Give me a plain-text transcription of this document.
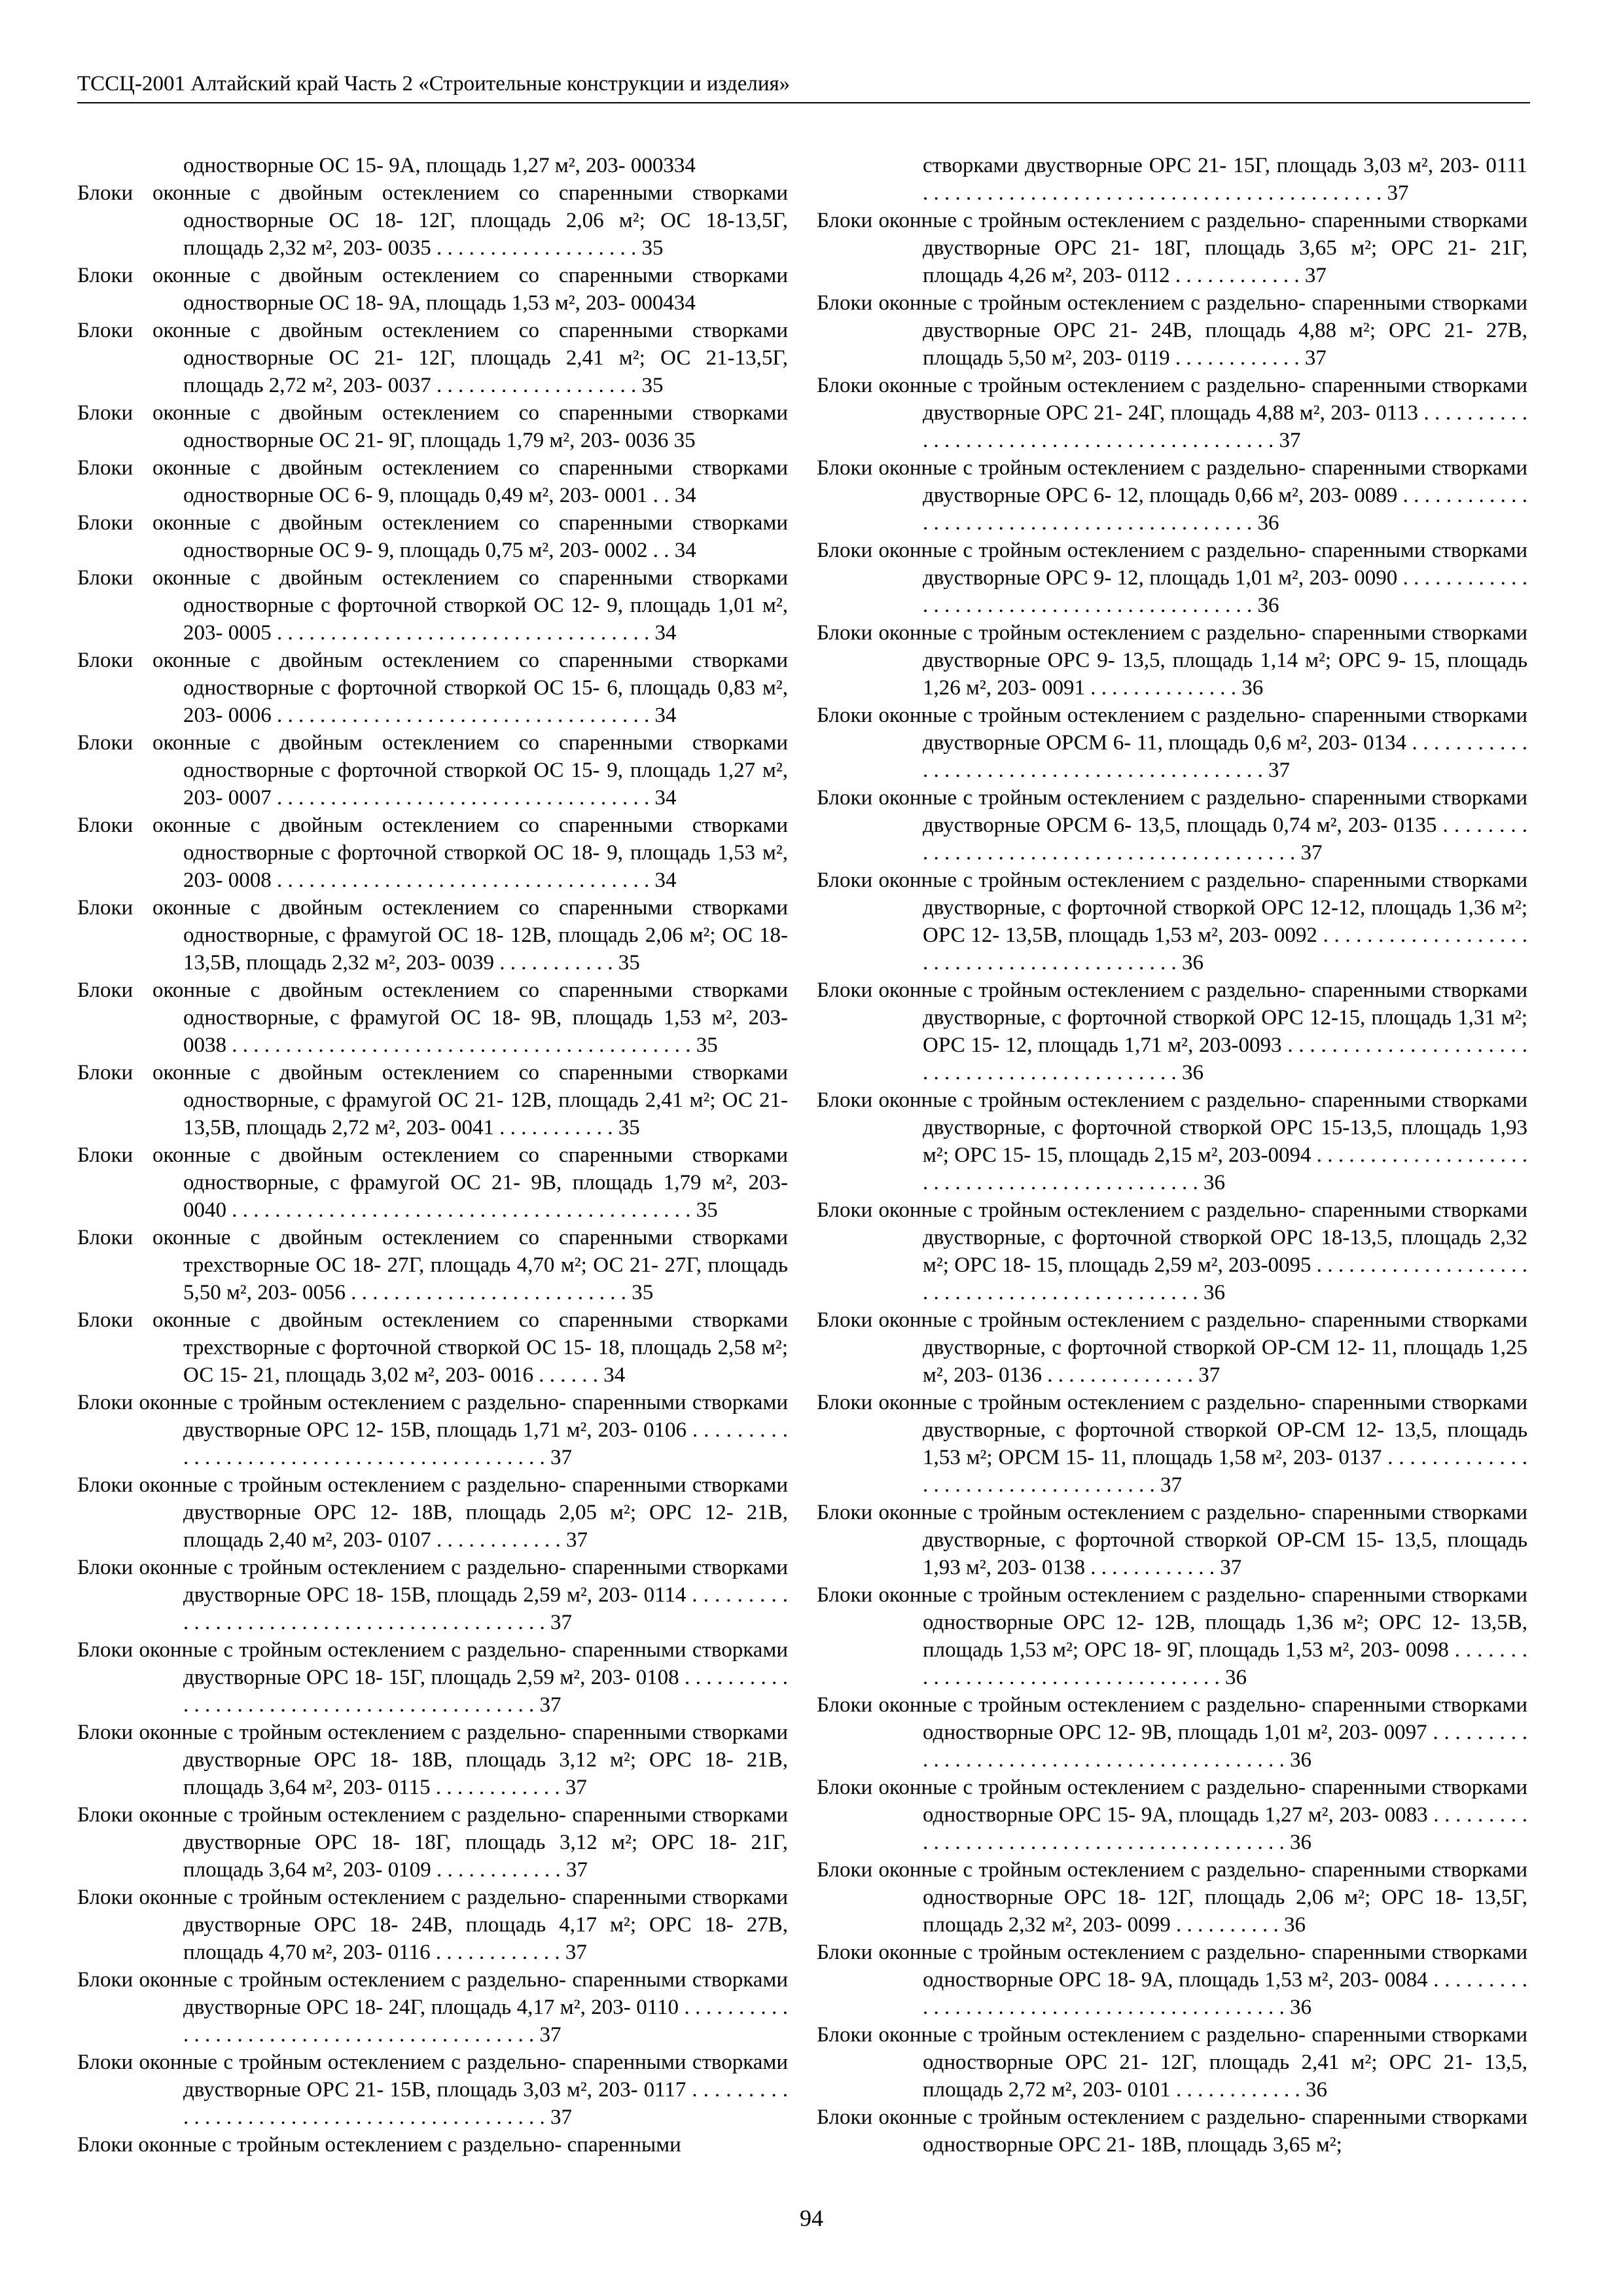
ТССЦ-2001 Алтайский край Часть 2 «Строительные конструкции и изделия»
одностворные ОС 15- 9А, площадь 1,27 м², 203- 000334
Блоки оконные с двойным остеклением со спаренными створками одностворные ОС 18- 12Г, площадь 2,06 м²; ОС 18-13,5Г, площадь 2,32 м², 203- 0035 . . . . . . . . . . . . . . . . . . . 35
Блоки оконные с двойным остеклением со спаренными створками одностворные ОС 18- 9А, площадь 1,53 м², 203- 000434
Блоки оконные с двойным остеклением со спаренными створками одностворные ОС 21- 12Г, площадь 2,41 м²; ОС 21-13,5Г, площадь 2,72 м², 203- 0037 . . . . . . . . . . . . . . . . . . . 35
Блоки оконные с двойным остеклением со спаренными створками одностворные ОС 21- 9Г, площадь 1,79 м², 203- 0036 35
Блоки оконные с двойным остеклением со спаренными створками одностворные ОС 6- 9, площадь 0,49 м², 203- 0001 . . 34
Блоки оконные с двойным остеклением со спаренными створками одностворные ОС 9- 9, площадь 0,75 м², 203- 0002 . . 34
Блоки оконные с двойным остеклением со спаренными створками одностворные с форточной створкой ОС 12- 9, площадь 1,01 м², 203- 0005 . . . . . . . . . . . . . . . . . . . . . . . . . . . . . . . . . . . 34
Блоки оконные с двойным остеклением со спаренными створками одностворные с форточной створкой ОС 15- 6, площадь 0,83 м², 203- 0006 . . . . . . . . . . . . . . . . . . . . . . . . . . . . . . . . . . . 34
Блоки оконные с двойным остеклением со спаренными створками одностворные с форточной створкой ОС 15- 9, площадь 1,27 м², 203- 0007 . . . . . . . . . . . . . . . . . . . . . . . . . . . . . . . . . . . 34
Блоки оконные с двойным остеклением со спаренными створками одностворные с форточной створкой ОС 18- 9, площадь 1,53 м², 203- 0008 . . . . . . . . . . . . . . . . . . . . . . . . . . . . . . . . . . . 34
Блоки оконные с двойным остеклением со спаренными створками одностворные, с фрамугой ОС 18- 12В, площадь 2,06 м²; ОС 18- 13,5В, площадь 2,32 м², 203- 0039 . . . . . . . . . . . 35
Блоки оконные с двойным остеклением со спаренными створками одностворные, с фрамугой ОС 18- 9В, площадь 1,53 м², 203- 0038 . . . . . . . . . . . . . . . . . . . . . . . . . . . . . . . . . . . . . . . . . . . 35
Блоки оконные с двойным остеклением со спаренными створками одностворные, с фрамугой ОС 21- 12В, площадь 2,41 м²; ОС 21- 13,5В, площадь 2,72 м², 203- 0041 . . . . . . . . . . . 35
Блоки оконные с двойным остеклением со спаренными створками одностворные, с фрамугой ОС 21- 9В, площадь 1,79 м², 203- 0040 . . . . . . . . . . . . . . . . . . . . . . . . . . . . . . . . . . . . . . . . . . . 35
Блоки оконные с двойным остеклением со спаренными створками трехстворные ОС 18- 27Г, площадь 4,70 м²; ОС 21- 27Г, площадь 5,50 м², 203- 0056 . . . . . . . . . . . . . . . . . . . . . . . . . . 35
Блоки оконные с двойным остеклением со спаренными створками трехстворные с форточной створкой ОС 15- 18, площадь 2,58 м²; ОС 15- 21, площадь 3,02 м², 203- 0016 . . . . . . 34
Блоки оконные с тройным остеклением с раздельно- спаренными створками двустворные ОРС 12- 15В, площадь 1,71 м², 203- 0106 . . . . . . . . . . . . . . . . . . . . . . . . . . . . . . . . . . . . . . . . . . . 37
Блоки оконные с тройным остеклением с раздельно- спаренными створками двустворные ОРС 12- 18В, площадь 2,05 м²; ОРС 12- 21В, площадь 2,40 м², 203- 0107 . . . . . . . . . . . . 37
Блоки оконные с тройным остеклением с раздельно- спаренными створками двустворные ОРС 18- 15В, площадь 2,59 м², 203- 0114 . . . . . . . . . . . . . . . . . . . . . . . . . . . . . . . . . . . . . . . . . . . 37
Блоки оконные с тройным остеклением с раздельно- спаренными створками двустворные ОРС 18- 15Г, площадь 2,59 м², 203- 0108 . . . . . . . . . . . . . . . . . . . . . . . . . . . . . . . . . . . . . . . . . . . 37
Блоки оконные с тройным остеклением с раздельно- спаренными створками двустворные ОРС 18- 18В, площадь 3,12 м²; ОРС 18- 21В, площадь 3,64 м², 203- 0115 . . . . . . . . . . . . 37
Блоки оконные с тройным остеклением с раздельно- спаренными створками двустворные ОРС 18- 18Г, площадь 3,12 м²; ОРС 18- 21Г, площадь 3,64 м², 203- 0109 . . . . . . . . . . . . 37
Блоки оконные с тройным остеклением с раздельно- спаренными створками двустворные ОРС 18- 24В, площадь 4,17 м²; ОРС 18- 27В, площадь 4,70 м², 203- 0116 . . . . . . . . . . . . 37
Блоки оконные с тройным остеклением с раздельно- спаренными створками двустворные ОРС 18- 24Г, площадь 4,17 м², 203- 0110 . . . . . . . . . . . . . . . . . . . . . . . . . . . . . . . . . . . . . . . . . . . 37
Блоки оконные с тройным остеклением с раздельно- спаренными створками двустворные ОРС 21- 15В, площадь 3,03 м², 203- 0117 . . . . . . . . . . . . . . . . . . . . . . . . . . . . . . . . . . . . . . . . . . . 37
Блоки оконные с тройным остеклением с раздельно- спаренными
створками двустворные ОРС 21- 15Г, площадь 3,03 м², 203- 0111 . . . . . . . . . . . . . . . . . . . . . . . . . . . . . . . . . . . . . . . . . . . 37
Блоки оконные с тройным остеклением с раздельно- спаренными створками двустворные ОРС 21- 18Г, площадь 3,65 м²; ОРС 21- 21Г, площадь 4,26 м², 203- 0112 . . . . . . . . . . . . 37
Блоки оконные с тройным остеклением с раздельно- спаренными створками двустворные ОРС 21- 24В, площадь 4,88 м²; ОРС 21- 27В, площадь 5,50 м², 203- 0119 . . . . . . . . . . . . 37
Блоки оконные с тройным остеклением с раздельно- спаренными створками двустворные ОРС 21- 24Г, площадь 4,88 м², 203- 0113 . . . . . . . . . . . . . . . . . . . . . . . . . . . . . . . . . . . . . . . . . . . 37
Блоки оконные с тройным остеклением с раздельно- спаренными створками двустворные ОРС 6- 12, площадь 0,66 м², 203- 0089 . . . . . . . . . . . . . . . . . . . . . . . . . . . . . . . . . . . . . . . . . . . 36
Блоки оконные с тройным остеклением с раздельно- спаренными створками двустворные ОРС 9- 12, площадь 1,01 м², 203- 0090 . . . . . . . . . . . . . . . . . . . . . . . . . . . . . . . . . . . . . . . . . . . 36
Блоки оконные с тройным остеклением с раздельно- спаренными створками двустворные ОРС 9- 13,5, площадь 1,14 м²; ОРС 9- 15, площадь 1,26 м², 203- 0091 . . . . . . . . . . . . . . 36
Блоки оконные с тройным остеклением с раздельно- спаренными створками двустворные ОРСМ 6- 11, площадь 0,6 м², 203- 0134 . . . . . . . . . . . . . . . . . . . . . . . . . . . . . . . . . . . . . . . . . . . 37
Блоки оконные с тройным остеклением с раздельно- спаренными створками двустворные ОРСМ 6- 13,5, площадь 0,74 м², 203- 0135 . . . . . . . . . . . . . . . . . . . . . . . . . . . . . . . . . . . . . . . . . . . 37
Блоки оконные с тройным остеклением с раздельно- спаренными створками двустворные, с форточной створкой ОРС 12-12, площадь 1,36 м²; ОРС 12- 13,5В, площадь 1,53 м², 203- 0092 . . . . . . . . . . . . . . . . . . . . . . . . . . . . . . . . . . . . . . . . . . . 36
Блоки оконные с тройным остеклением с раздельно- спаренными створками двустворные, с форточной створкой ОРС 12-15, площадь 1,31 м²; ОРС 15- 12, площадь 1,71 м², 203-0093 . . . . . . . . . . . . . . . . . . . . . . . . . . . . . . . . . . . . . . . . . . . . . . 36
Блоки оконные с тройным остеклением с раздельно- спаренными створками двустворные, с форточной створкой ОРС 15-13,5, площадь 1,93 м²; ОРС 15- 15, площадь 2,15 м², 203-0094 . . . . . . . . . . . . . . . . . . . . . . . . . . . . . . . . . . . . . . . . . . . . . . 36
Блоки оконные с тройным остеклением с раздельно- спаренными створками двустворные, с форточной створкой ОРС 18-13,5, площадь 2,32 м²; ОРС 18- 15, площадь 2,59 м², 203-0095 . . . . . . . . . . . . . . . . . . . . . . . . . . . . . . . . . . . . . . . . . . . . . . 36
Блоки оконные с тройным остеклением с раздельно- спаренными створками двустворные, с форточной створкой ОР-СМ 12- 11, площадь 1,25 м², 203- 0136 . . . . . . . . . . . . . . 37
Блоки оконные с тройным остеклением с раздельно- спаренными створками двустворные, с форточной створкой ОР-СМ 12- 13,5, площадь 1,53 м²; ОРСМ 15- 11, площадь 1,58 м², 203- 0137 . . . . . . . . . . . . . . . . . . . . . . . . . . . . . . . . . . . 37
Блоки оконные с тройным остеклением с раздельно- спаренными створками двустворные, с форточной створкой ОР-СМ 15- 13,5, площадь 1,93 м², 203- 0138 . . . . . . . . . . . . 37
Блоки оконные с тройным остеклением с раздельно- спаренными створками одностворные ОРС 12- 12В, площадь 1,36 м²; ОРС 12- 13,5В, площадь 1,53 м²; ОРС 18- 9Г, площадь 1,53 м², 203- 0098 . . . . . . . . . . . . . . . . . . . . . . . . . . . . . . . . . . . 36
Блоки оконные с тройным остеклением с раздельно- спаренными створками одностворные ОРС 12- 9В, площадь 1,01 м², 203- 0097 . . . . . . . . . . . . . . . . . . . . . . . . . . . . . . . . . . . . . . . . . . . 36
Блоки оконные с тройным остеклением с раздельно- спаренными створками одностворные ОРС 15- 9А, площадь 1,27 м², 203- 0083 . . . . . . . . . . . . . . . . . . . . . . . . . . . . . . . . . . . . . . . . . . . 36
Блоки оконные с тройным остеклением с раздельно- спаренными створками одностворные ОРС 18- 12Г, площадь 2,06 м²; ОРС 18- 13,5Г, площадь 2,32 м², 203- 0099 . . . . . . . . . . 36
Блоки оконные с тройным остеклением с раздельно- спаренными створками одностворные ОРС 18- 9А, площадь 1,53 м², 203- 0084 . . . . . . . . . . . . . . . . . . . . . . . . . . . . . . . . . . . . . . . . . . . 36
Блоки оконные с тройным остеклением с раздельно- спаренными створками одностворные ОРС 21- 12Г, площадь 2,41 м²; ОРС 21- 13,5, площадь 2,72 м², 203- 0101 . . . . . . . . . . . . 36
Блоки оконные с тройным остеклением с раздельно- спаренными створками одностворные ОРС 21- 18В, площадь 3,65 м²;
94
